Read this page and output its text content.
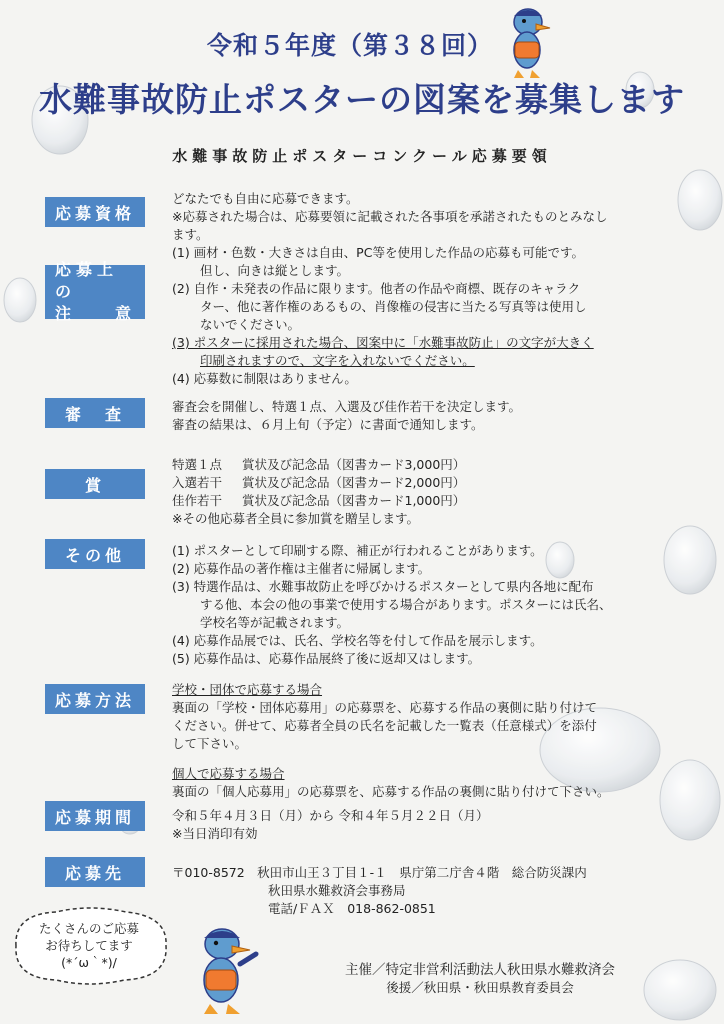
令和５年度（第３８回）
水難事故防止ポスターの図案を募集します
水難事故防止ポスターコンクール応募要領
応募資格
どなたでも自由に応募できます。
※応募された場合は、応募要領に記載された各事項を承諾されたものとみなし
ます。
応募上の
注 意
(1) 画材・色数・大きさは自由、PC等を使用した作品の応募も可能です。
但し、向きは縦とします。
(2) 自作・未発表の作品に限ります。他者の作品や商標、既存のキャラク
ター、他に著作権のあるもの、肖像権の侵害に当たる写真等は使用し
ないでください。
(3) ポスターに採用された場合、図案中に「水難事故防止」の文字が大きく
印刷されますので、文字を入れないでください。
(4) 応募数に制限はありません。
審　査	審査会を開催し、特選１点、入選及び佳作若干を決定します。
審査の結果は、６月上旬（予定）に書面で通知します。
賞
特選１点	賞状及び記念品（図書カード3,000円）
入選若干	賞状及び記念品（図書カード2,000円）
佳作若干	賞状及び記念品（図書カード1,000円）
※その他応募者全員に参加賞を贈呈します。
その他	(1) ポスターとして印刷する際、補正が行われることがあります。
(2) 応募作品の著作権は主催者に帰属します。
(3) 特選作品は、水難事故防止を呼びかけるポスターとして県内各地に配布
する他、本会の他の事業で使用する場合があります。ポスターには氏名、
学校名等が記載されます。
(4) 応募作品展では、氏名、学校名等を付して作品を展示します。
(5) 応募作品は、応募作品展終了後に返却又はします。
応募方法
学校・団体で応募する場合
裏面の「学校・団体応募用」の応募票を、応募する作品の裏側に貼り付けて
ください。併せて、応募者全員の氏名を記載した一覧表（任意様式）を添付
して下さい。
個人で応募する場合
裏面の「個人応募用」の応募票を、応募する作品の裏側に貼り付けて下さい。
応募期間	令和５年４月３日（月）から 令和４年５月２２日（月）
※当日消印有効
応募先	〒010-8572　秋田市山王３丁目１-１　県庁第二庁舎４階　総合防災課内
秋田県水難救済会事務局
電話/ＦＡＸ　018-862-0851
たくさんのご応募
お待ちしてます
(*´ω｀*)/	主催／特定非営利活動法人秋田県水難救済会
後援／秋田県・秋田県教育委員会
